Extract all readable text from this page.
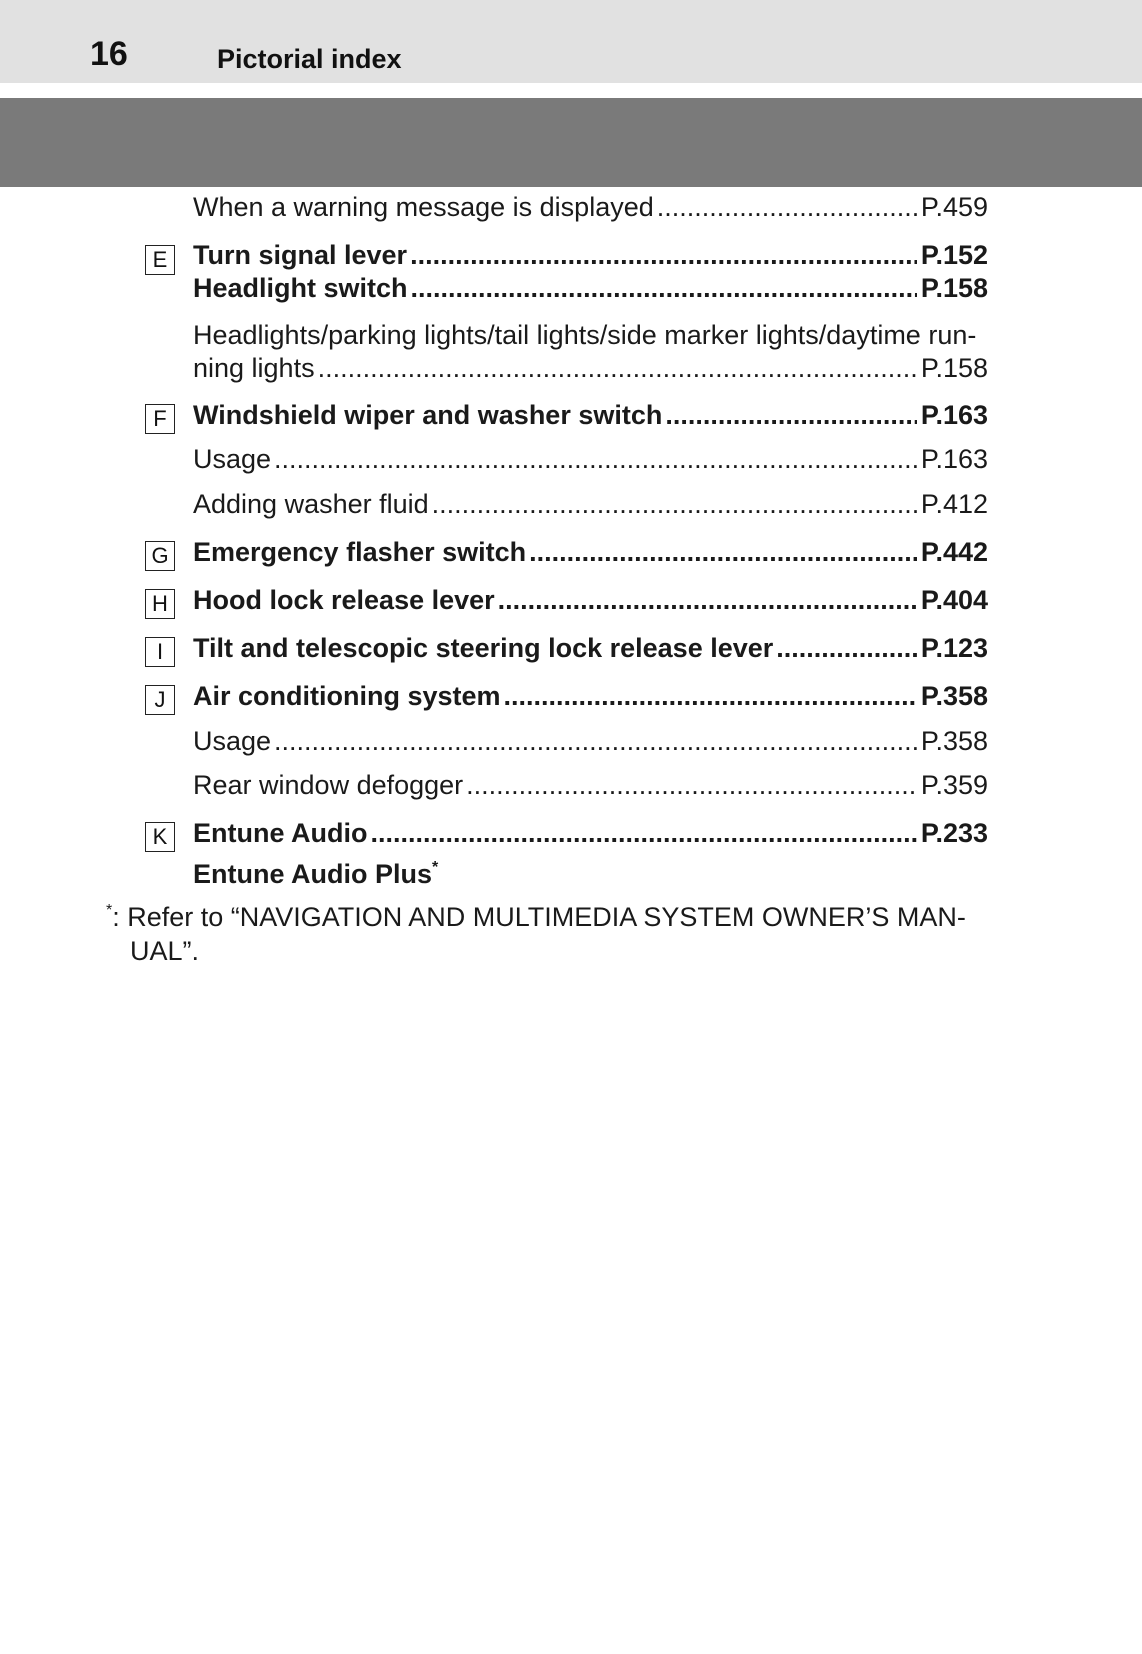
16	Pictorial index
When a warning message is displayed .....	P.459
E Turn signal lever .....	P.152
Headlight switch .....	P.158
Headlights/parking lights/tail lights/side marker lights/daytime run-
ning lights .....	P.158
F Windshield wiper and washer switch .....	P.163
Usage .....	P.163
Adding washer fluid .....	P.412
G Emergency flasher switch .....	P.442
H Hood lock release lever .....	P.404
I	Tilt and telescopic steering lock release lever .....	P.123
J	Air conditioning system .....	P.358
Usage .....	P.358
Rear window defogger .....	P.359
K Entune Audio .....	P.233
Entune Audio Plus*
*: Refer to “NAVIGATION AND MULTIMEDIA SYSTEM OWNER’S MAN-
UAL”.
